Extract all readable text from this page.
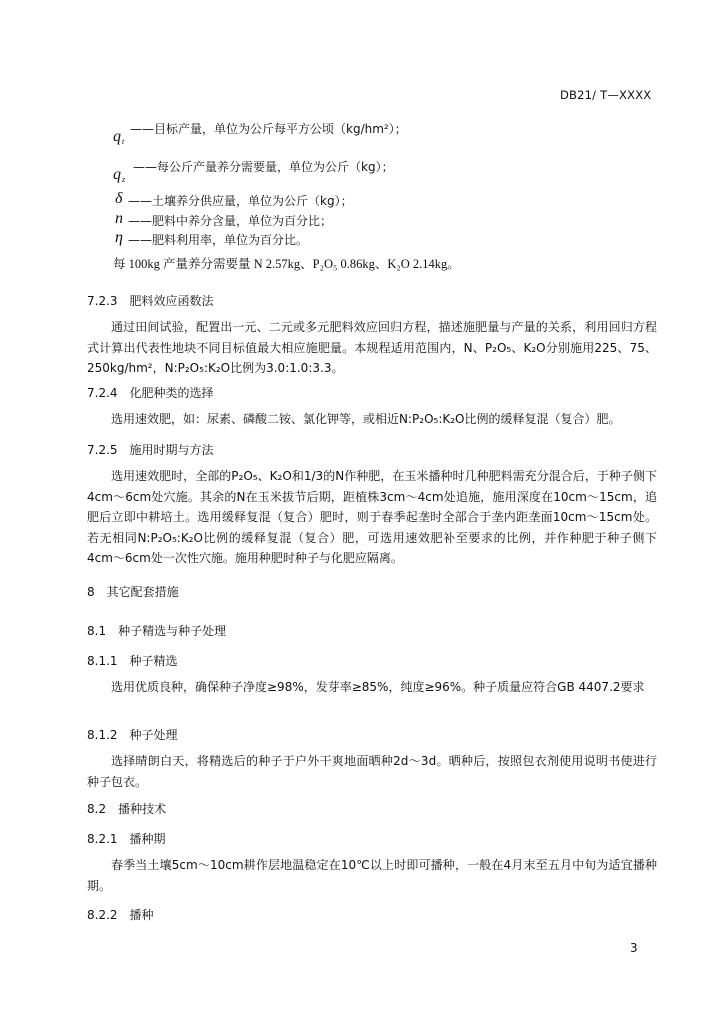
DB21/ T—XXXX
q t
——目标产量，单位为公斤每平方公顷（kg/hm²）；
q z
——每公斤产量养分需要量，单位为公斤（kg）；
δ ——土壤养分供应量，单位为公斤（kg）；
n ——肥料中养分含量，单位为百分比；
η ——肥料利用率，单位为百分比。
每 100kg 产量养分需要量 N 2.57kg、P₂O₅ 0.86kg、K₂O 2.14kg。
7.2.3　肥料效应函数法

通过田间试验，配置出一元、二元或多元肥料效应回归方程，描述施肥量与产量的关系，利用回归方程式计算出代表性地块不同目标值最大相应施肥量。本规程适用范围内，N、P₂O₅、K₂O分别施用225、75、250kg/hm²，N:P₂O₅:K₂O比例为3.0:1.0:3.3。

7.2.4　化肥种类的选择

选用速效肥，如：尿素、磷酸二铵、氯化钾等，或相近N:P₂O₅:K₂O比例的缓释复混（复合）肥。

7.2.5　施用时期与方法

选用速效肥时，全部的P₂O₅、K₂O和1/3的N作种肥，在玉米播种时几种肥料需充分混合后，于种子侧下4cm～6cm处穴施。其余的N在玉米拔节后期，距植株3cm～4cm处追施，施用深度在10cm～15cm，追肥后立即中耕培土。选用缓释复混（复合）肥时，则于春季起垄时全部合于垄内距垄面10cm～15cm处。若无相同N:P₂O₅:K₂O比例的缓释复混（复合）肥，可选用速效肥补至要求的比例，并作种肥于种子侧下4cm～6cm处一次性穴施。施用种肥时种子与化肥应隔离。

8　其它配套措施
8.1　种子精选与种子处理
8.1.1　种子精选

选用优质良种，确保种子净度≥98%，发芽率≥85%，纯度≥96%。种子质量应符合GB 4407.2要求

8.1.2　种子处理

选择晴朗白天，将精选后的种子于户外干爽地面晒种2d～3d。晒种后，按照包衣剂使用说明书使进行种子包衣。

8.2　播种技术
8.2.1　播种期

春季当土壤5cm～10cm耕作层地温稳定在10℃以上时即可播种，一般在4月末至五月中旬为适宜播种期。

8.2.2　播种
3
